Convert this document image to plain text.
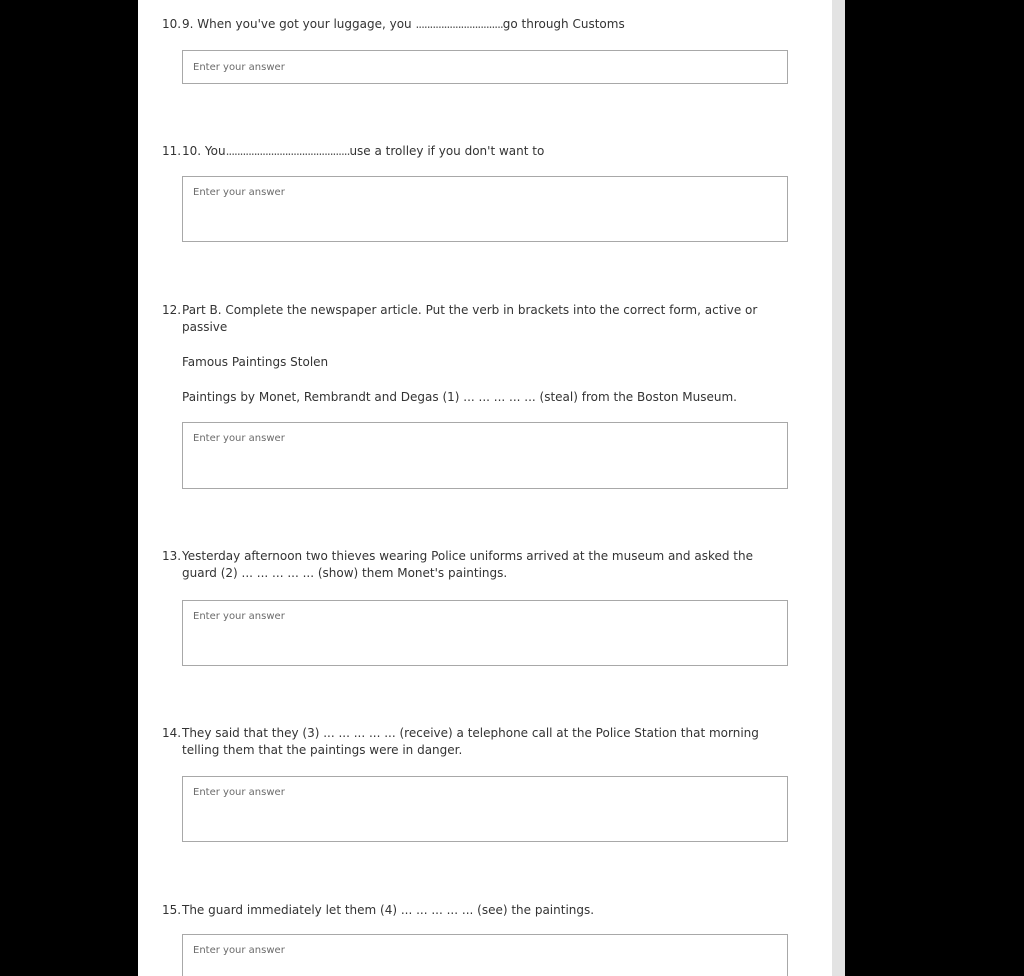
10. 9. When you've got your luggage, you ...............................go through Customs
Enter your answer
11. 10. You............................................use a trolley if you don't want to
Enter your answer
12. Part B. Complete the newspaper article. Put the verb in brackets into the correct form, active or
passive
Famous Paintings Stolen
Paintings by Monet, Rembrandt and Degas (1) ... ... ... ... ... (steal) from the Boston Museum.
Enter your answer
13. Yesterday afternoon two thieves wearing Police uniforms arrived at the museum and asked the
guard (2) ... ... ... ... ... (show) them Monet's paintings.
Enter your answer
14. They said that they (3) ... ... ... ... ... (receive) a telephone call at the Police Station that morning
telling them that the paintings were in danger.
Enter your answer
15. The guard immediately let them (4) ... ... ... ... ... (see) the paintings.
Enter your answer
